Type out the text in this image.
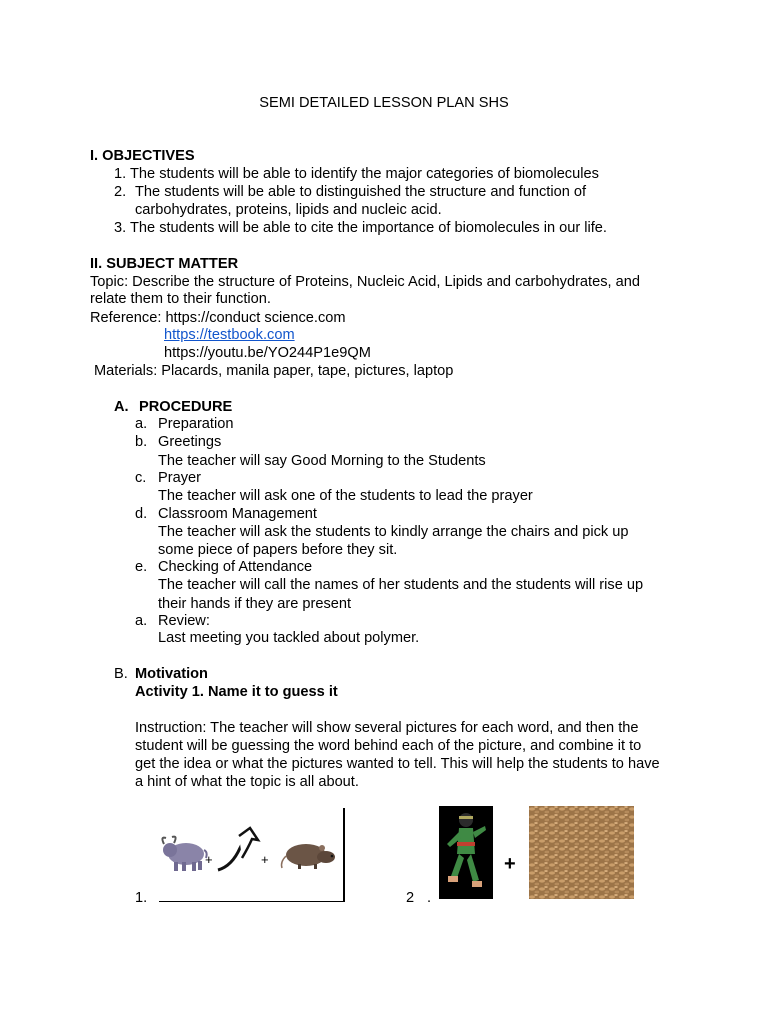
SEMI DETAILED LESSON PLAN SHS
I. OBJECTIVES
1. The students will be able to identify the major categories of biomolecules
2. The students will be able to distinguished the structure and function of
carbohydrates, proteins, lipids and nucleic acid.
3. The students will be able to cite the importance of biomolecules in our life.
II. SUBJECT MATTER
Topic: Describe the structure of Proteins, Nucleic Acid, Lipids and carbohydrates, and
relate them to their function.
Reference: https://conduct science.com
https://testbook.com
https://youtu.be/YO244P1e9QM
Materials: Placards, manila paper, tape, pictures, laptop
A. PROCEDURE
a. Preparation
b. Greetings
The teacher will say Good Morning to the Students
c. Prayer
The teacher will ask one of the students to lead the prayer
d. Classroom Management
The teacher will ask the students to kindly arrange the chairs and pick up
some piece of papers before they sit.
e. Checking of Attendance
The teacher will call the names of her students and the students will rise up
their hands if they are present
a. Review:
Last meeting you tackled about polymer.
B. Motivation
Activity 1. Name it to guess it
Instruction: The teacher will show several pictures for each word, and then the
student will be guessing the word behind each of the picture, and combine it to
get the idea or what the pictures wanted to tell. This will help the students to have
a hint of what the topic is all about.
1.
+	+
2 .
+
